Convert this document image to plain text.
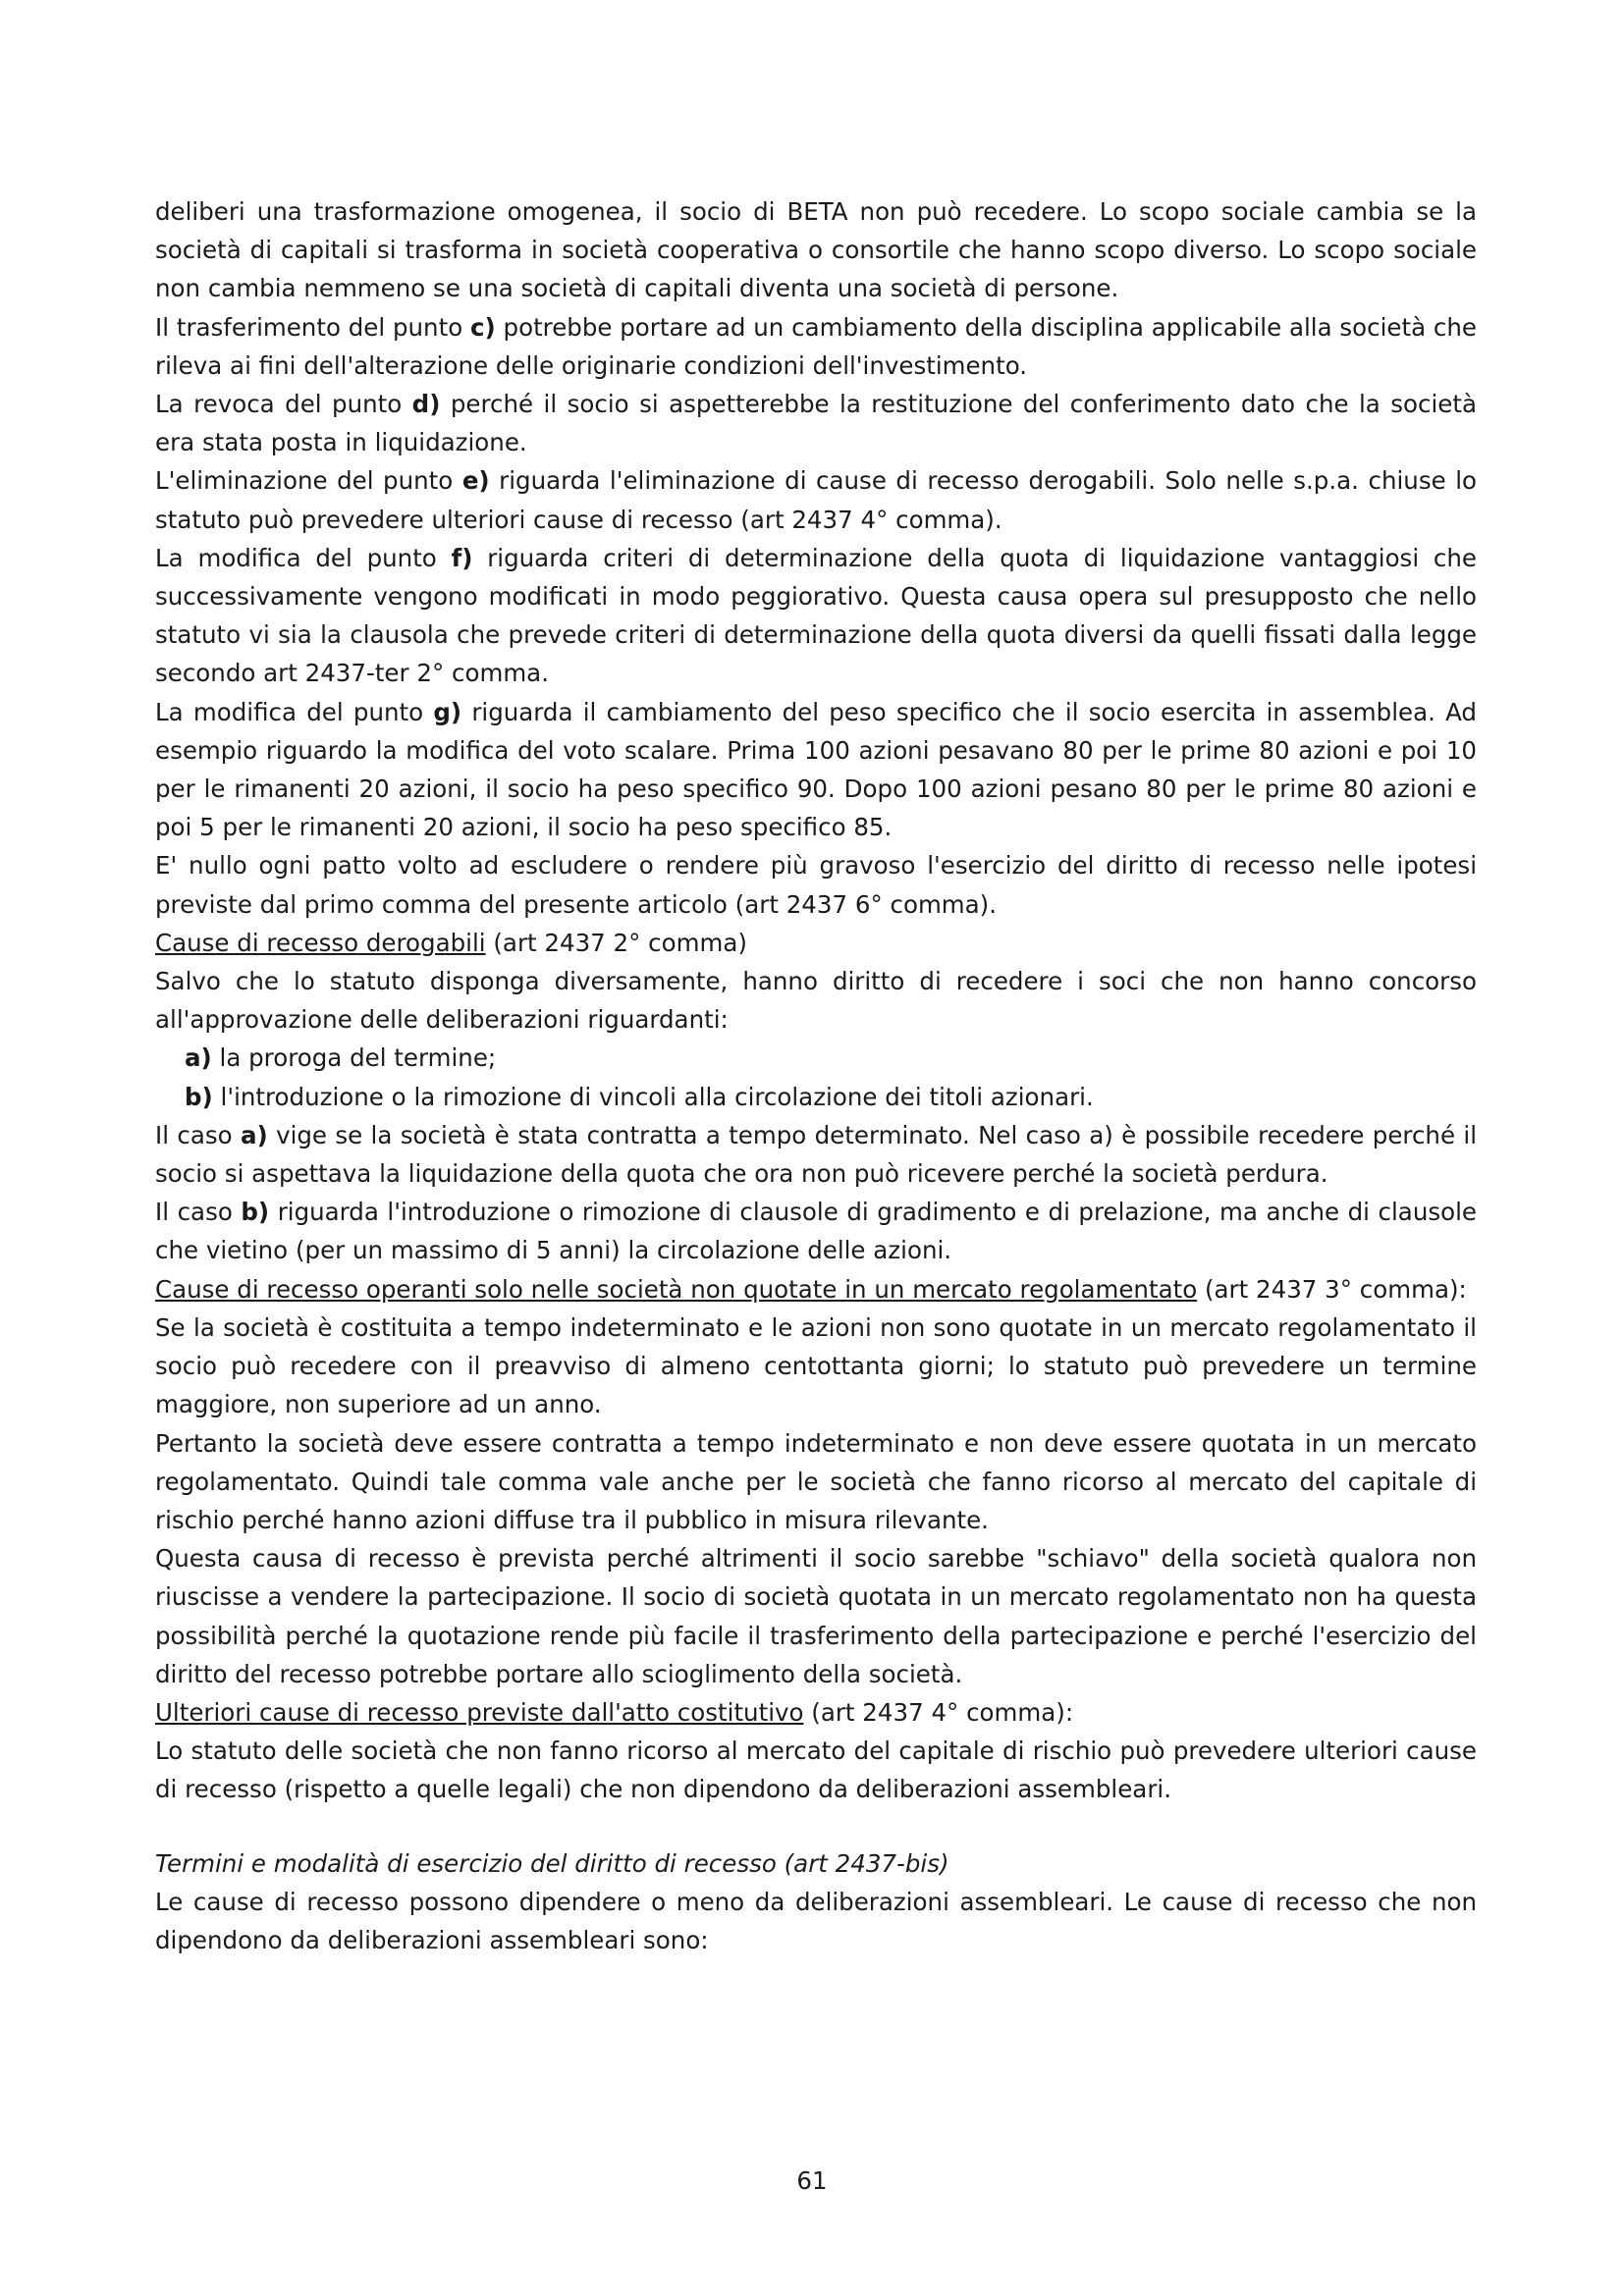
deliberi una trasformazione omogenea, il socio di BETA non può recedere. Lo scopo sociale cambia se la società di capitali si trasforma in società cooperativa o consortile che hanno scopo diverso. Lo scopo sociale non cambia nemmeno se una società di capitali diventa una società di persone.

Il trasferimento del punto c) potrebbe portare ad un cambiamento della disciplina applicabile alla società che rileva ai fini dell'alterazione delle originarie condizioni dell'investimento.

La revoca del punto d) perché il socio si aspetterebbe la restituzione del conferimento dato che la società era stata posta in liquidazione.

L'eliminazione del punto e) riguarda l'eliminazione di cause di recesso derogabili. Solo nelle s.p.a. chiuse lo statuto può prevedere ulteriori cause di recesso (art 2437 4° comma).

La modifica del punto f) riguarda criteri di determinazione della quota di liquidazione vantaggiosi che successivamente vengono modificati in modo peggiorativo. Questa causa opera sul presupposto che nello statuto vi sia la clausola che prevede criteri di determinazione della quota diversi da quelli fissati dalla legge secondo art 2437-ter 2° comma.

La modifica del punto g) riguarda il cambiamento del peso specifico che il socio esercita in assemblea. Ad esempio riguardo la modifica del voto scalare. Prima 100 azioni pesavano 80 per le prime 80 azioni e poi 10 per le rimanenti 20 azioni, il socio ha peso specifico 90. Dopo 100 azioni pesano 80 per le prime 80 azioni e poi 5 per le rimanenti 20 azioni, il socio ha peso specifico 85.

E' nullo ogni patto volto ad escludere o rendere più gravoso l'esercizio del diritto di recesso nelle ipotesi previste dal primo comma del presente articolo (art 2437 6° comma).

Cause di recesso derogabili (art 2437 2° comma)

Salvo che lo statuto disponga diversamente, hanno diritto di recedere i soci che non hanno concorso all'approvazione delle deliberazioni riguardanti:

a) la proroga del termine;

b) l'introduzione o la rimozione di vincoli alla circolazione dei titoli azionari.

Il caso a) vige se la società è stata contratta a tempo determinato. Nel caso a) è possibile recedere perché il socio si aspettava la liquidazione della quota che ora non può ricevere perché la società perdura.

Il caso b) riguarda l'introduzione o rimozione di clausole di gradimento e di prelazione, ma anche di clausole che vietino (per un massimo di 5 anni) la circolazione delle azioni.

Cause di recesso operanti solo nelle società non quotate in un mercato regolamentato (art 2437 3° comma):

Se la società è costituita a tempo indeterminato e le azioni non sono quotate in un mercato regolamentato il socio può recedere con il preavviso di almeno centottanta giorni; lo statuto può prevedere un termine maggiore, non superiore ad un anno.

Pertanto la società deve essere contratta a tempo indeterminato e non deve essere quotata in un mercato regolamentato. Quindi tale comma vale anche per le società che fanno ricorso al mercato del capitale di rischio perché hanno azioni diffuse tra il pubblico in misura rilevante.

Questa causa di recesso è prevista perché altrimenti il socio sarebbe "schiavo" della società qualora non riuscisse a vendere la partecipazione. Il socio di società quotata in un mercato regolamentato non ha questa possibilità perché la quotazione rende più facile il trasferimento della partecipazione e perché l'esercizio del diritto del recesso potrebbe portare allo scioglimento della società.

Ulteriori cause di recesso previste dall'atto costitutivo (art 2437 4° comma):

Lo statuto delle società che non fanno ricorso al mercato del capitale di rischio può prevedere ulteriori cause di recesso (rispetto a quelle legali) che non dipendono da deliberazioni assembleari.

Termini e modalità di esercizio del diritto di recesso (art 2437-bis)

Le cause di recesso possono dipendere o meno da deliberazioni assembleari. Le cause di recesso che non dipendono da deliberazioni assembleari sono:

61
